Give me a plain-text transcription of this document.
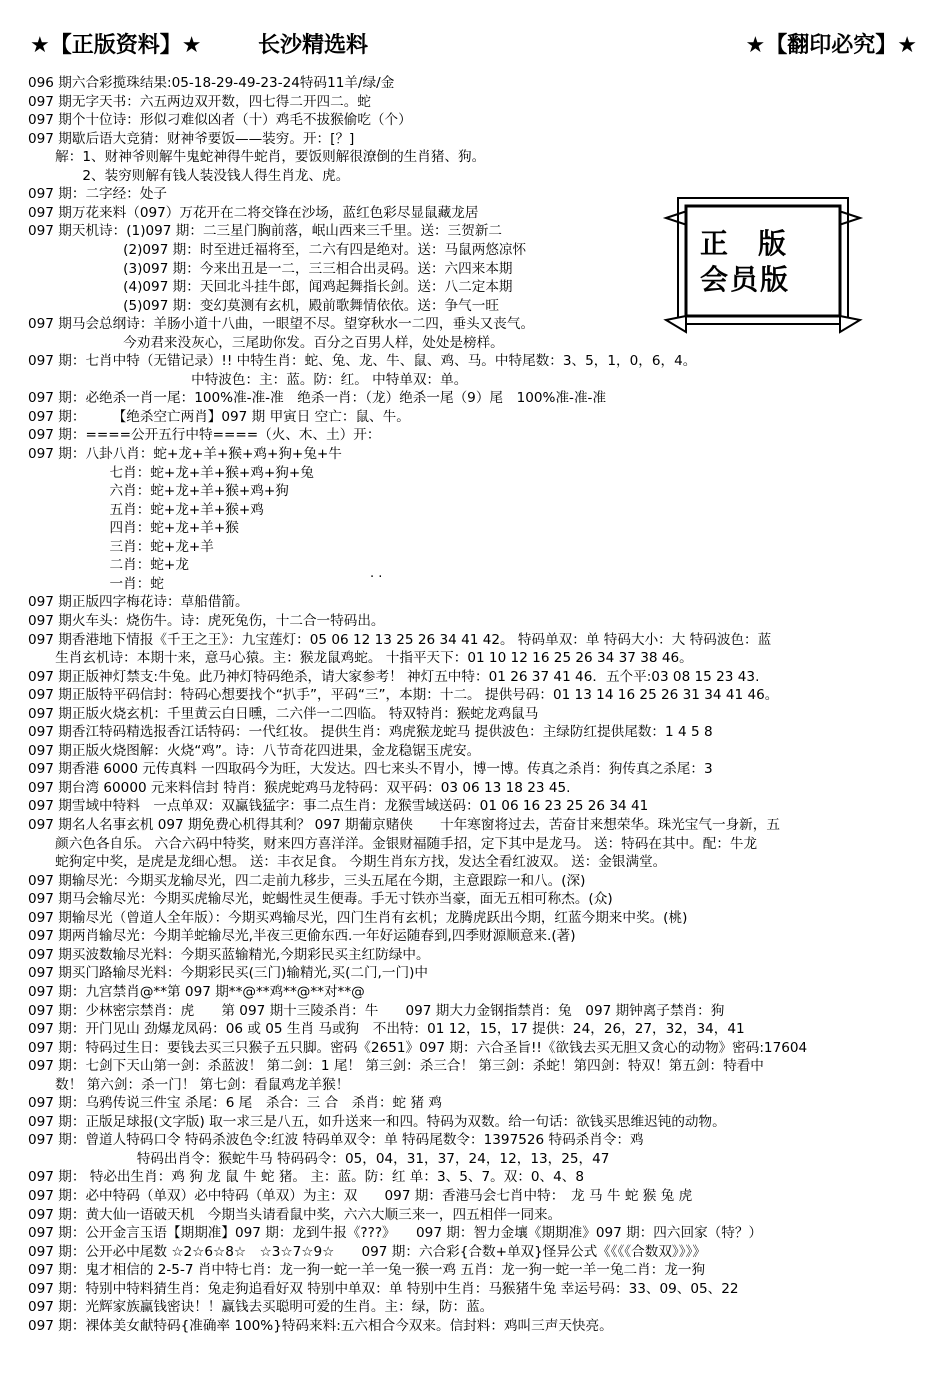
★【正版资料】★	长沙精选料	★【翻印必究】★
正版
会员版
096 期六合彩揽珠结果:05-18-29-49-23-24特码11羊/绿/金
097 期无字天书：六五两边双开数，四七得二开四二。蛇
097 期个十位诗：形似刁难似凶者（十）鸡毛不拔猴偷吃（个）
097 期歇后语大竞猜：财神爷要饭——装穷。开：[？]
　　解：1、财神爷则解牛鬼蛇神得牛蛇肖，要饭则解很潦倒的生肖猪、狗。
　　　　2、装穷则解有钱人装没钱人得生肖龙、虎。
097 期：二字经：处子
097 期万花来料（097）万花开在二将交锋在沙场，蓝红色彩尽显鼠藏龙居
097 期天机诗：(1)097 期：二三星门胸前落，岷山西来三千里。送：三贺新二
　　　　　　　(2)097 期：时至进迁福将至，二六有四是绝对。送：马鼠两悠凉怀
　　　　　　　(3)097 期：今来出丑是一二，三三相合出灵码。送：六四来本期
　　　　　　　(4)097 期：天回北斗挂牛郎，闻鸡起舞指长剑。送：八二定本期
　　　　　　　(5)097 期：变幻莫测有玄机，殿前歌舞情依依。送：争气一旺
097 期马会总纲诗：羊肠小道十八曲，一眼望不尽。望穿秋水一二四，垂头又丧气。
　　　　　　　今劝君来没灰心，三尾助你发。百分之百男人样，处处是榜样。
097 期：七肖中特（无错记录）!! 中特生肖：蛇、兔、龙、牛、鼠、鸡、马。中特尾数：3、5，1，0，6，4。
　　　　　　　　　　　　中特波色：主：蓝。防：红。 中特单双：单。
097 期：必绝杀一肖一尾：100%准-准-准　绝杀一肖：（龙）绝杀一尾（9）尾　100%准-准-准
097 期：　　　【绝杀空亡两肖】097 期 甲寅日 空亡：鼠、牛。
097 期：====公开五行中特====（火、木、土）开：
097 期：八卦八肖：蛇+龙+羊+猴+鸡+狗+兔+牛
　　　　　　七肖：蛇+龙+羊+猴+鸡+狗+兔
　　　　　　六肖：蛇+龙+羊+猴+鸡+狗
　　　　　　五肖：蛇+龙+羊+猴+鸡
　　　　　　四肖：蛇+龙+羊+猴
　　　　　　三肖：蛇+龙+羊
　　　　　　二肖：蛇+龙
　　　　　　一肖：蛇
097 期正版四字梅花诗：草船借箭。
097 期火车头：烧伤牛。诗：虎死兔伤，十二合一特码出。
097 期香港地下情报《千王之王》：九宝莲灯：05 06 12 13 25 26 34 41 42。 特码单双：单 特码大小：大 特码波色：蓝
　　生肖玄机诗：本期十来，意马心猿。主：猴龙鼠鸡蛇。 十指平天下：01 10 12 16 25 26 34 37 38 46。
097 期正版神灯禁支:牛兔。此乃神灯特码绝杀，请大家参考！ 神灯五中特：01 26 37 41 46．五个平:03 08 15 23 43.
097 期正版特平码信封：特码心想要找个“扒手”，平码“三”，本期：十二。 提供号码：01 13 14 16 25 26 31 34 41 46。
097 期正版火烧玄机：千里黄云白日曛，二六伴一二四临。 特双特肖：猴蛇龙鸡鼠马
097 期香江特码精选报香江话特码：一代红妆。 提供生肖：鸡虎猴龙蛇马 提供波色：主绿防红提供尾数：1 4 5 8
097 期正版火烧图解：火烧“鸡”。诗：八节奇花四进果，金龙稳锯玉虎安。
097 期香港 6000 元传真料 一四取码今为旺，大发达。四七来头不胃小，博一博。传真之杀肖：狗传真之杀尾：3
097 期台湾 60000 元来料信封 特肖：猴虎蛇鸡马龙特码：双平码：03 06 13 18 23 45.
097 期雪域中特料　一点单双：双赢钱猛字：事二点生肖：龙猴雪域送码：01 06 16 23 25 26 34 41
097 期名人名事玄机 097 期免费心机得其利？ 097 期葡京赌侠　　十年寒窗将过去，苦奋甘来想荣华。珠光宝气一身新，五
　　颜六色各自乐。 六合六码中特奖，财来四方喜洋洋。金银财福随手招，定下其中是龙马。 送：特码在其中。配：牛龙
　　蛇狗定中奖，是虎是龙细心想。 送：丰衣足食。 今期生肖东方找，发达全看红波双。 送：金银满堂。
097 期输尽光：今期买龙输尽光，四二走前九移步，三头五尾在今期，主意跟踪一和八。(深)
097 期马会输尽光：今期买虎输尽光，蛇蝎性灵生便毒。手无寸铁亦当豪，面无五相可称杰。(众)
097 期输尽光（曾道人全年版）：今期买鸡输尽光，四门生肖有玄机；龙腾虎跃出今期，红蓝今期来中奖。(桃)
097 期两肖输尽光：今期羊蛇输尽光,半夜三更偷东西.一年好运随春到,四季财源顺意来.(著)
097 期买波数输尽光料：今期买蓝输精光,今期彩民买主红防绿中。
097 期买门路输尽光料：今期彩民买(三门)输精光,买(二门,一门)中
097 期：九宫禁肖@**第 097 期**@**鸡**@**对**@
097 期：少林密宗禁肖：虎　　第 097 期十三陵杀肖：牛　　097 期大力金钢指禁肖：兔　097 期钟离子禁肖：狗
097 期：开门见山 劲爆龙凤码：06 或 05 生肖 马或狗　不出特：01 12，15，17 提供：24，26，27，32，34，41
097 期：特码过生日：要钱去买三只猴子五只脚。密码《2651》097 期：六合圣旨!!《欲钱去买无胆又贪心的动物》密码:17604
097 期：七剑下天山第一剑：杀蓝波！ 第二剑：1 尾！ 第三剑：杀三合！ 第三剑：杀蛇！第四剑：特双！第五剑：特看中
　　数！ 第六剑：杀一门！ 第七剑：看鼠鸡龙羊猴！
097 期：乌鸦传说三件宝 杀尾：6 尾　杀合：三 合　杀肖：蛇 猪 鸡
097 期：正版足球报(文字版) 取一求三是八五，如升送来一和四。特码为双数。给一句话：欲钱买思维迟钝的动物。
097 期：曾道人特码口令 特码杀波色令:红波 特码单双令：单 特码尾数令：1397526 特码杀肖令：鸡
　　　　　　　　特码出肖令：猴蛇牛马 特码码令：05，04，31，37，24，12，13，25，47
097 期： 特必出生肖：鸡 狗 龙 鼠 牛 蛇 猪。 主：蓝。防：红 单：3、5、7。双：0、4、8
097 期：必中特码（单双）必中特码（单双）为主：双　　097 期：香港马会七肖中特：　龙 马 牛 蛇 猴 兔 虎
097 期：黄大仙一语破天机　今期当头请看鼠中奖，六六大顺三来一，四五相伴一同来。
097 期：公开金言玉语【期期准】097 期：龙到牛报《???》　　097 期：智力金壤《期期准》097 期：四六回家（特？）
097 期：公开必中尾数 ☆2☆6☆8☆　☆3☆7☆9☆　　097 期：六合彩{合数+单双}怪异公式《《《《合数双》》》》
097 期：鬼才相信的 2-5-7 肖中特七肖：龙一狗一蛇一羊一兔一猴一鸡 五肖：龙一狗一蛇一羊一兔二肖：龙一狗
097 期：特别中特料猜生肖：兔走狗追看好双 特别中单双：单 特别中生肖：马猴猪牛兔 幸运号码：33、09、05、22
097 期：光辉家族赢钱密诀！！赢钱去买聪明可爱的生肖。主：绿，防：蓝。
097 期：裸体美女献特码{准确率 100%}特码来料:五六相合今双来。信封料：鸡叫三声天快亮。
· ·
